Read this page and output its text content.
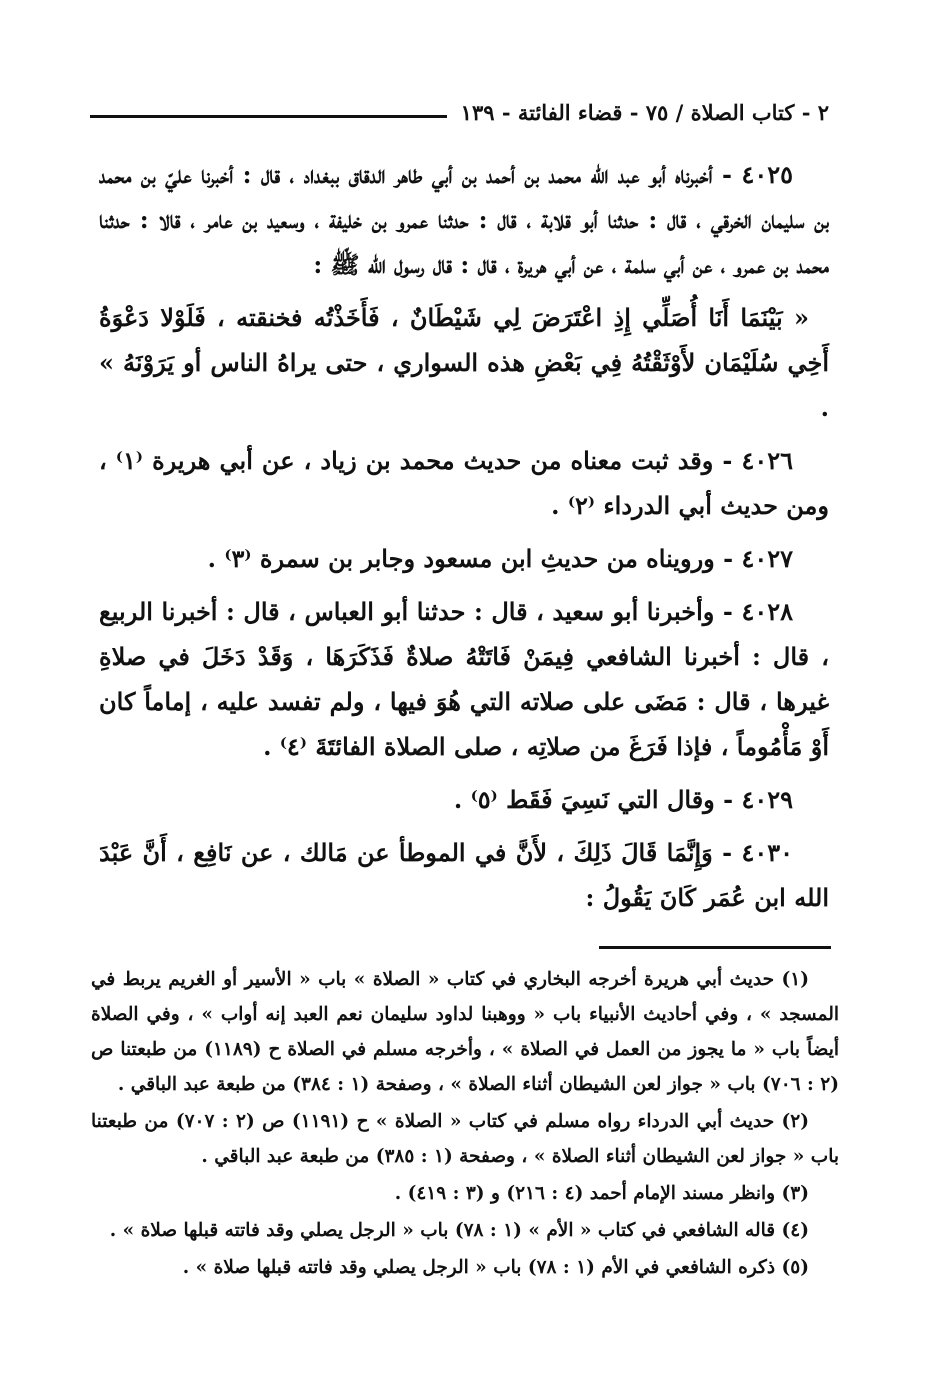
٢ - كتاب الصلاة / ٧٥ - قضاء الفائتة - ١٣٩

٤٠٢٥ - أخبرناه أبو عبد الله محمد بن أحمد بن أبي طاهر الدقاق ببغداد ، قال : أخبرنا عليّ بن محمد بن سليمان الخرقي ، قال : حدثنا أبو قلابة ، قال : حدثنا عمرو بن خليفة ، وسعيد بن عامر ، قالا : حدثنا محمد بن عمرو ، عن أبي سلمة ، عن أبي هريرة ، قال : قال رسول الله ﷺ :

« بَيْنَمَا أَنَا أُصَلِّي إِذِ اعْتَرَضَ لِي شَيْطَانٌ ، فَأَخَذْتُه فخنقته ، فَلَوْلا دَعْوَةُ أَخِي سُلَيْمَان لأَوْثَقْتُهُ فِي بَعْضِ هذه السواري ، حتى يراهُ الناس أو يَرَوْنَهُ » .

٤٠٢٦ - وقد ثبت معناه من حديث محمد بن زياد ، عن أبي هريرة ⁽١⁾ ، ومن حديث أبي الدرداء ⁽٢⁾ .

٤٠٢٧ - ورويناه من حديثِ ابن مسعود وجابر بن سمرة ⁽٣⁾ .

٤٠٢٨ - وأخبرنا أبو سعيد ، قال : حدثنا أبو العباس ، قال : أخبرنا الربيع ، قال : أخبرنا الشافعي فِيمَنْ فَاتَتْهُ صلاةٌ فَذَكَرَهَا ، وَقَدْ دَخَلَ في صلاةِ غيرها ، قال : مَضَى على صلاته التي هُوَ فيها ، ولم تفسد عليه ، إماماً كان أَوْ مَأْمُوماً ، فإذا فَرَغَ من صلاتِه ، صلى الصلاة الفائتَةَ ⁽٤⁾ .

٤٠٢٩ - وقال التي نَسِيَ فَقَط ⁽٥⁾ .

٤٠٣٠ - وَإِنَّمَا قَالَ ذَلِكَ ، لأَنَّ في الموطأ عن مَالك ، عن نَافِع ، أَنَّ عَبْدَ الله ابن عُمَر كَانَ يَقُولُ :

(١) حديث أبي هريرة أخرجه البخاري في كتاب « الصلاة » باب « الأسير أو الغريم يربط في المسجد » ، وفي أحاديث الأنبياء باب « ووهبنا لداود سليمان نعم العبد إنه أواب » ، وفي الصلاة أيضاً باب « ما يجوز من العمل في الصلاة » ، وأخرجه مسلم في الصلاة ح (١١٨٩) من طبعتنا ص (٢ : ٧٠٦) باب « جواز لعن الشيطان أثناء الصلاة » ، وصفحة (١ : ٣٨٤) من طبعة عبد الباقي .

(٢) حديث أبي الدرداء رواه مسلم في كتاب « الصلاة » ح (١١٩١) ص (٢ : ٧٠٧) من طبعتنا باب « جواز لعن الشيطان أثناء الصلاة » ، وصفحة (١ : ٣٨٥) من طبعة عبد الباقي .

(٣) وانظر مسند الإمام أحمد (٤ : ٢١٦) و (٣ : ٤١٩) .

(٤) قاله الشافعي في كتاب « الأم » (١ : ٧٨) باب « الرجل يصلي وقد فاتته قبلها صلاة » .

(٥) ذكره الشافعي في الأم (١ : ٧٨) باب « الرجل يصلي وقد فاتته قبلها صلاة » .
